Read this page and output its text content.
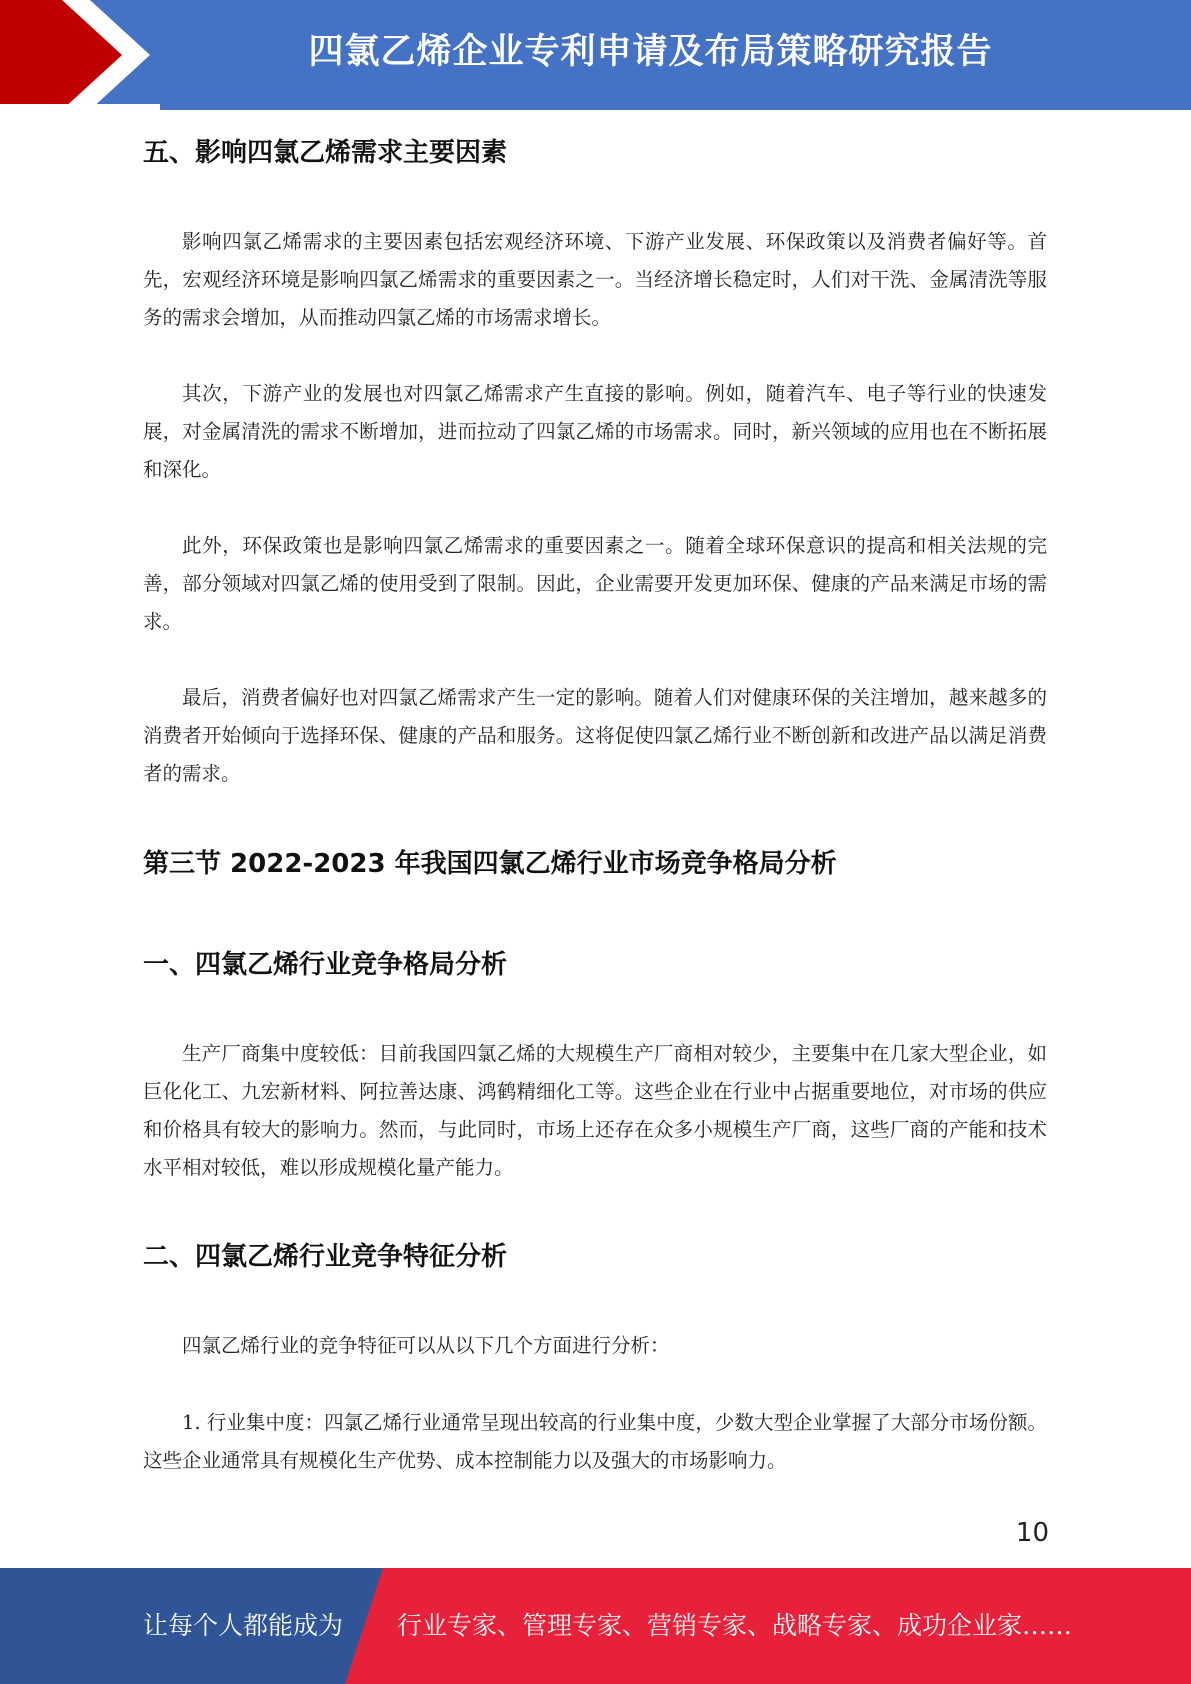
四氯乙烯企业专利申请及布局策略研究报告
五、影响四氯乙烯需求主要因素

影响四氯乙烯需求的主要因素包括宏观经济环境、下游产业发展、环保政策以及消费者偏好等。首先，宏观经济环境是影响四氯乙烯需求的重要因素之一。当经济增长稳定时，人们对干洗、金属清洗等服务的需求会增加，从而推动四氯乙烯的市场需求增长。

其次，下游产业的发展也对四氯乙烯需求产生直接的影响。例如，随着汽车、电子等行业的快速发展，对金属清洗的需求不断增加，进而拉动了四氯乙烯的市场需求。同时，新兴领域的应用也在不断拓展和深化。

此外，环保政策也是影响四氯乙烯需求的重要因素之一。随着全球环保意识的提高和相关法规的完善，部分领域对四氯乙烯的使用受到了限制。因此，企业需要开发更加环保、健康的产品来满足市场的需求。

最后，消费者偏好也对四氯乙烯需求产生一定的影响。随着人们对健康环保的关注增加，越来越多的消费者开始倾向于选择环保、健康的产品和服务。这将促使四氯乙烯行业不断创新和改进产品以满足消费者的需求。

第三节 2022-2023 年我国四氯乙烯行业市场竞争格局分析
一、四氯乙烯行业竞争格局分析

生产厂商集中度较低：目前我国四氯乙烯的大规模生产厂商相对较少，主要集中在几家大型企业，如巨化化工、九宏新材料、阿拉善达康、鸿鹤精细化工等。这些企业在行业中占据重要地位，对市场的供应和价格具有较大的影响力。然而，与此同时，市场上还存在众多小规模生产厂商，这些厂商的产能和技术水平相对较低，难以形成规模化量产能力。

二、四氯乙烯行业竞争特征分析

四氯乙烯行业的竞争特征可以从以下几个方面进行分析：

1. 行业集中度：四氯乙烯行业通常呈现出较高的行业集中度，少数大型企业掌握了大部分市场份额。这些企业通常具有规模化生产优势、成本控制能力以及强大的市场影响力。

10
让每个人都能成为 行业专家、管理专家、营销专家、战略专家、成功企业家……
